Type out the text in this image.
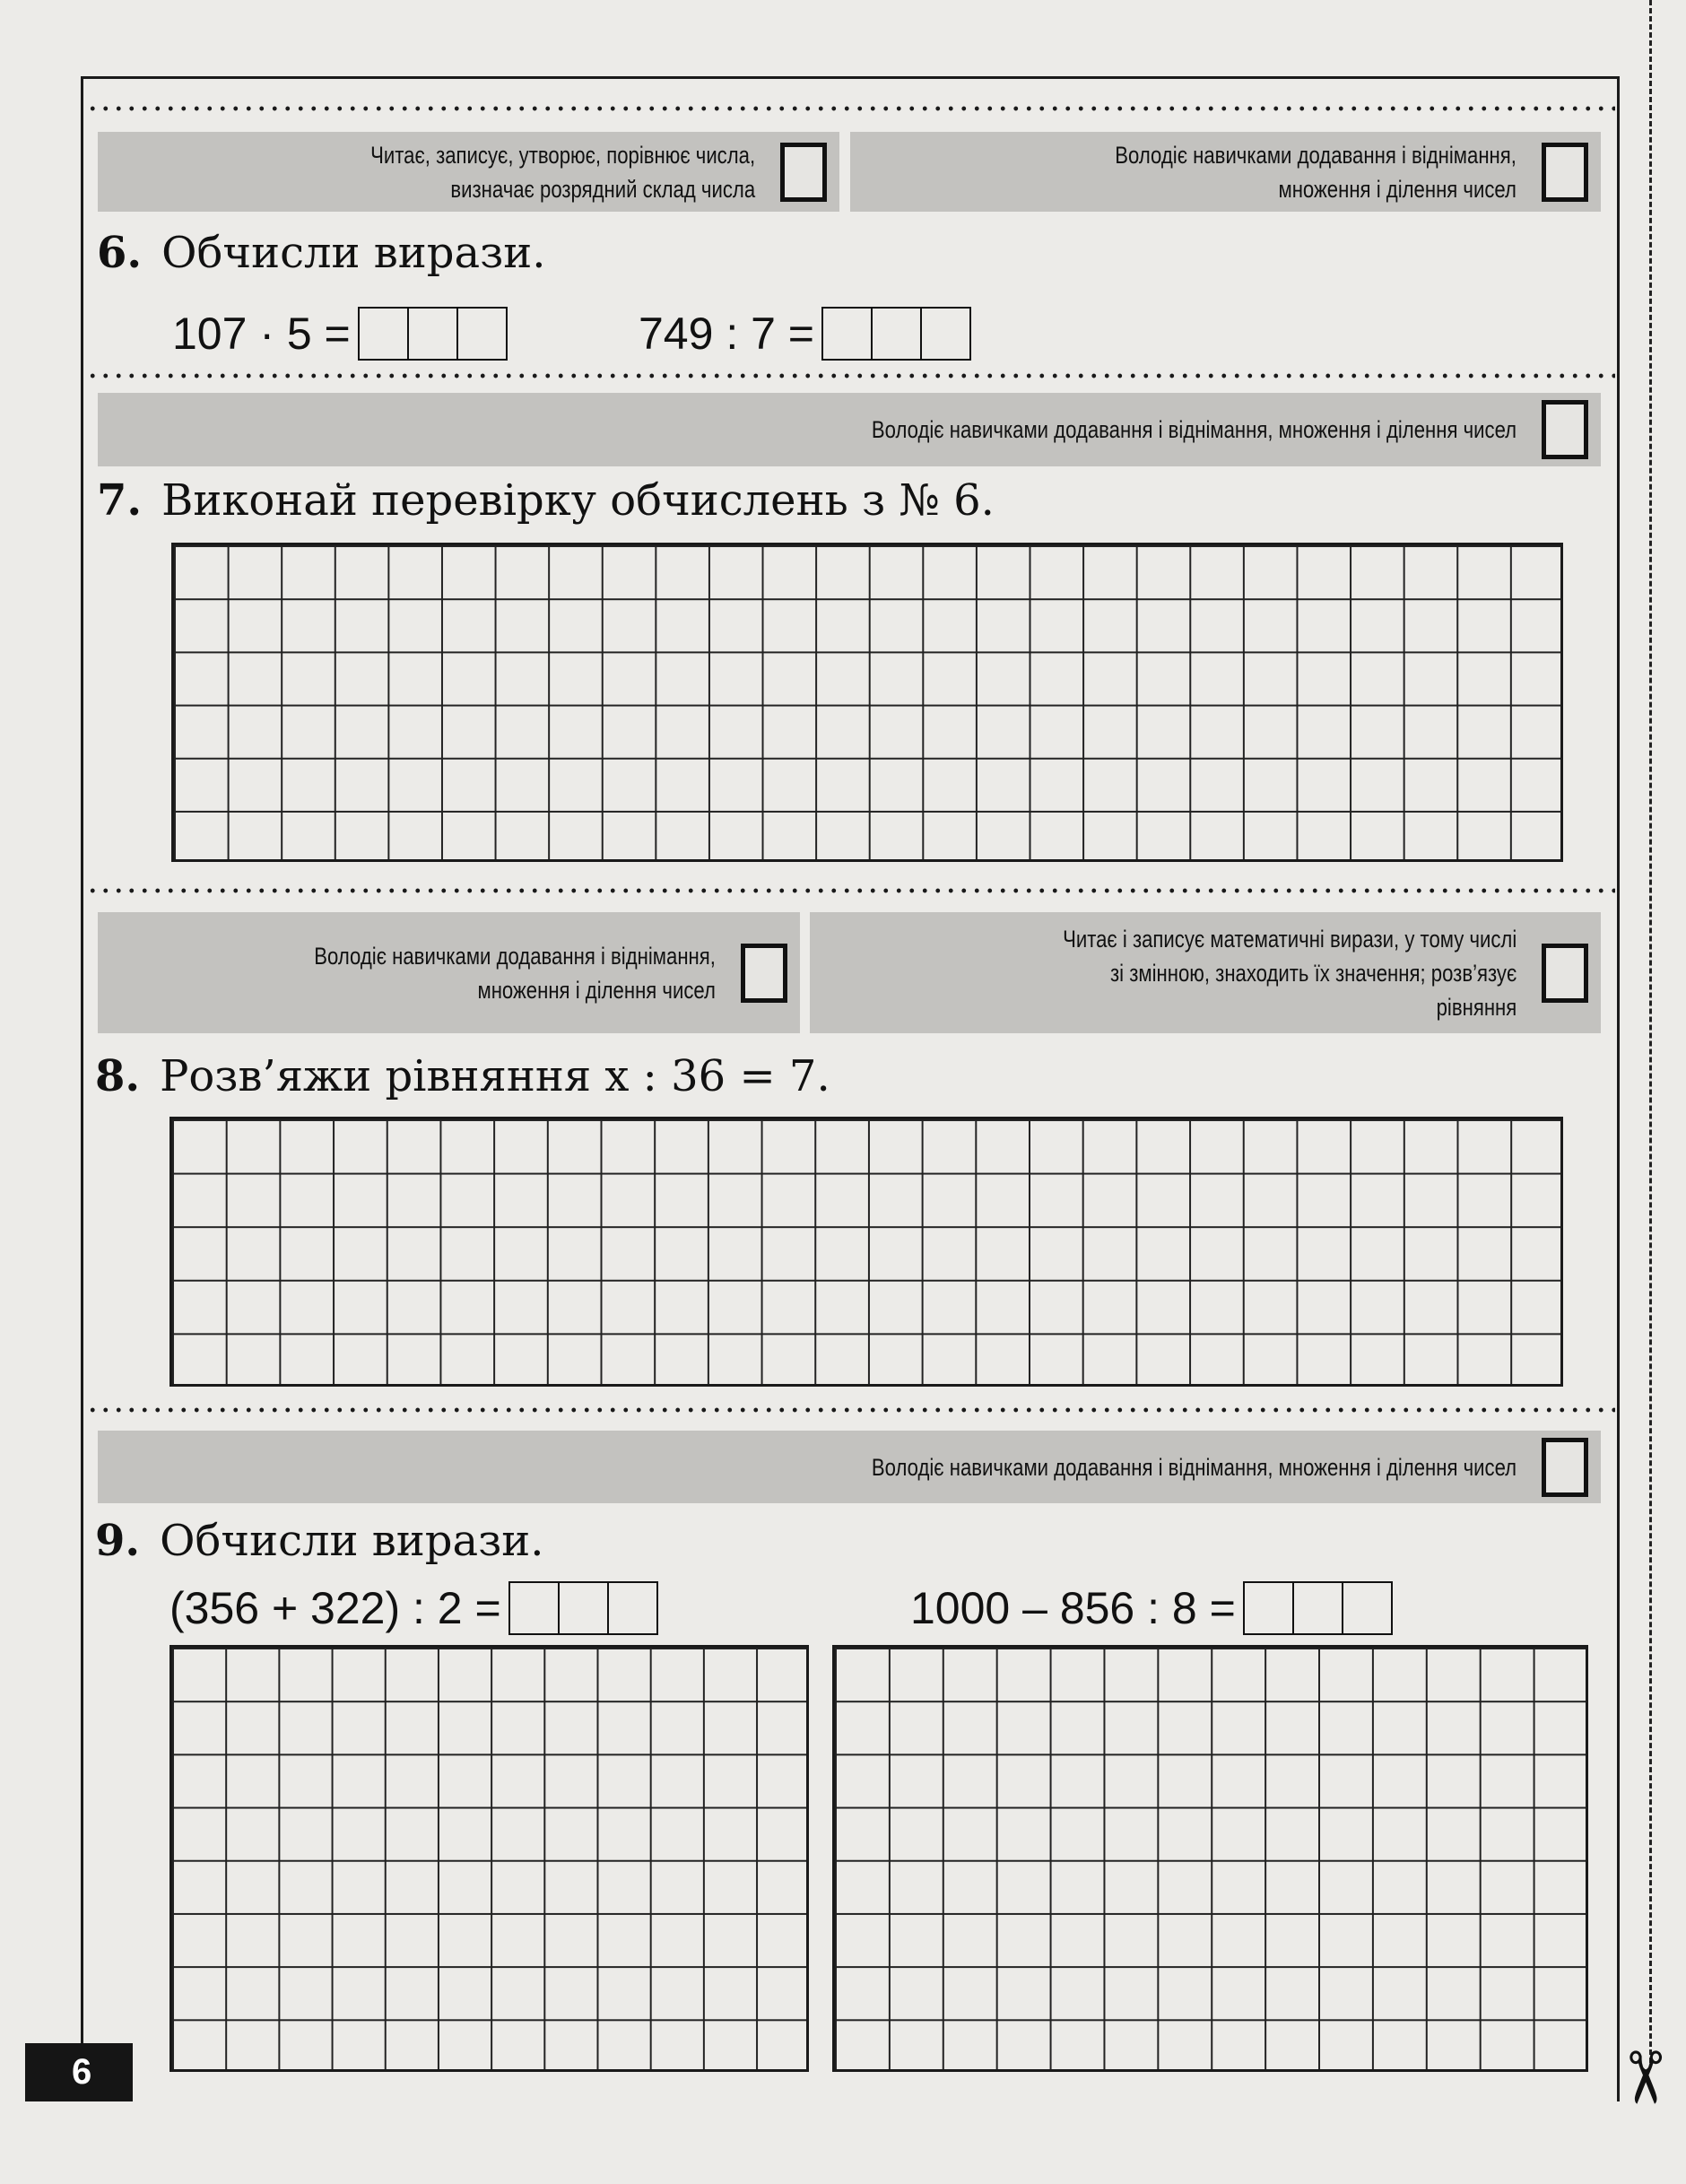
✂
Читає, записує, утворює, порівнює числа,
визначає розрядний склад числа
Володіє навичками додавання і віднімання,
множення і ділення чисел
6. Обчисли вирази.
107 · 5 =	749 : 7 =
Володіє навичками додавання і віднімання, множення і ділення чисел
7. Виконай перевірку обчислень з № 6.
Володіє навичками додавання і віднімання,
множення і ділення чисел
Читає і записує математичні вирази, у тому числі
зі змінною, знаходить їх значення; розв’язує
рівняння
8. Розв’яжи рівняння x : 36 = 7.
Володіє навичками додавання і віднімання, множення і ділення чисел
9. Обчисли вирази.
(356 + 322) : 2 =	1000 – 856 : 8 =
6
